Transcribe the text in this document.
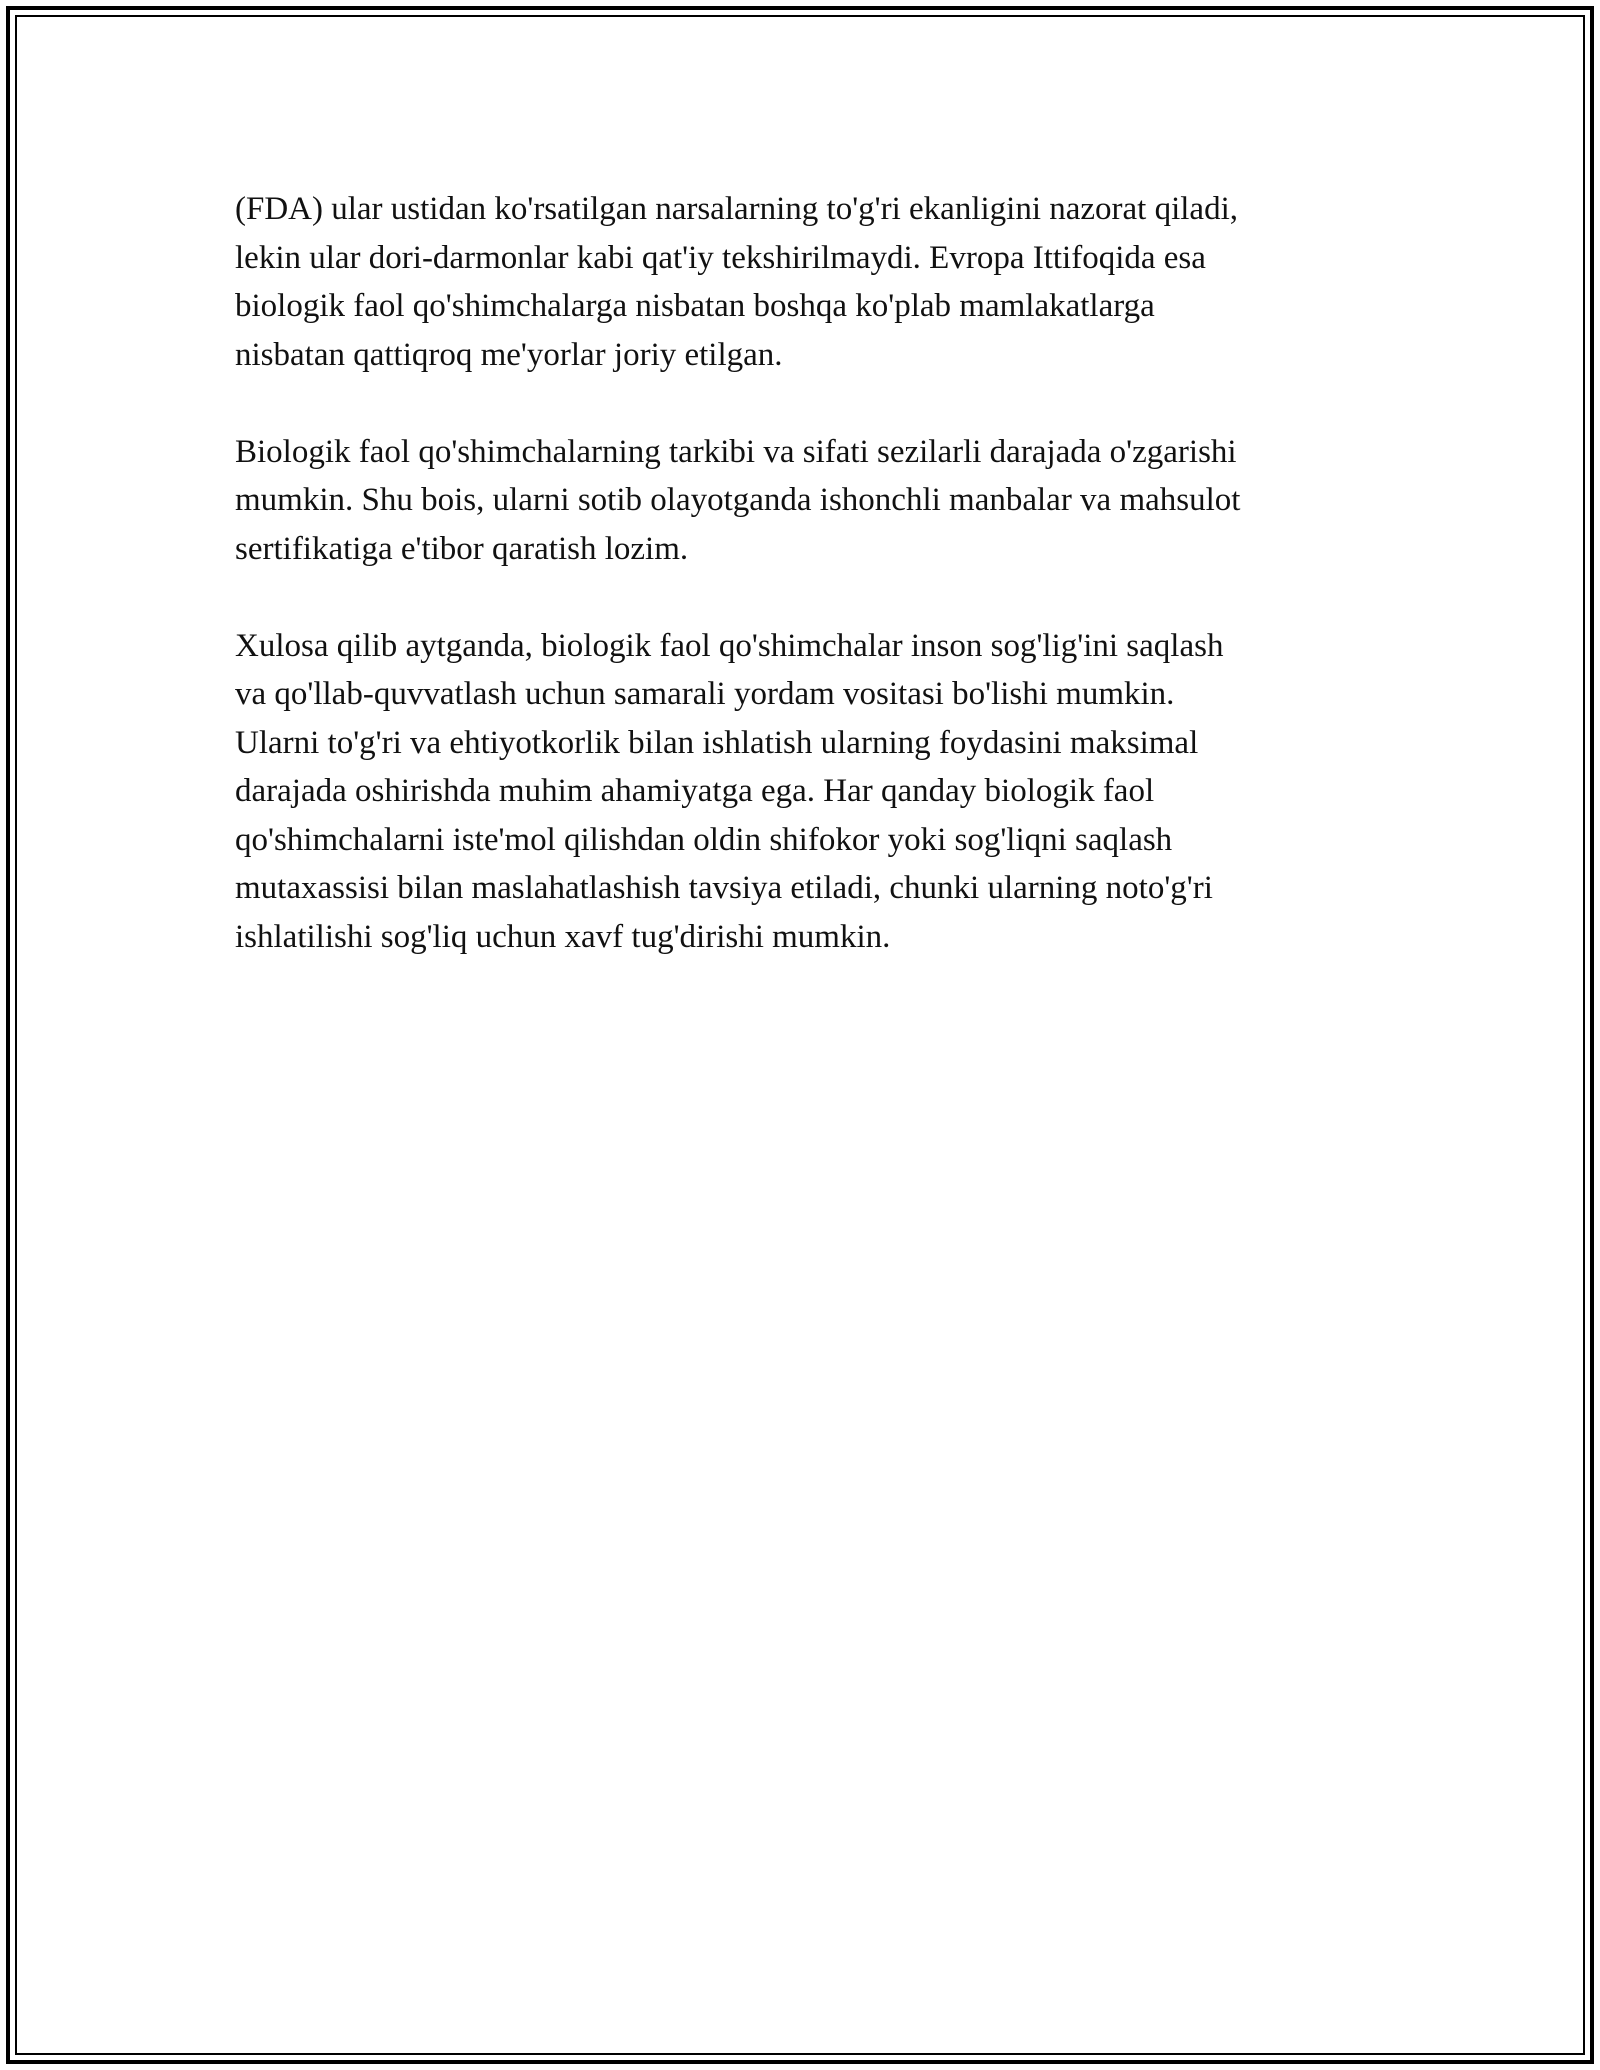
(FDA) ular ustidan ko'rsatilgan narsalarning to'g'ri ekanligini nazorat qiladi,
lekin ular dori-darmonlar kabi qat'iy tekshirilmaydi. Evropa Ittifoqida esa
biologik faol qo'shimchalarga nisbatan boshqa ko'plab mamlakatlarga
nisbatan qattiqroq me'yorlar joriy etilgan.

Biologik faol qo'shimchalarning tarkibi va sifati sezilarli darajada o'zgarishi
mumkin. Shu bois, ularni sotib olayotganda ishonchli manbalar va mahsulot
sertifikatiga e'tibor qaratish lozim.

Xulosa qilib aytganda, biologik faol qo'shimchalar inson sog'lig'ini saqlash
va qo'llab-quvvatlash uchun samarali yordam vositasi bo'lishi mumkin.
Ularni to'g'ri va ehtiyotkorlik bilan ishlatish ularning foydasini maksimal
darajada oshirishda muhim ahamiyatga ega. Har qanday biologik faol
qo'shimchalarni iste'mol qilishdan oldin shifokor yoki sog'liqni saqlash
mutaxassisi bilan maslahatlashish tavsiya etiladi, chunki ularning noto'g'ri
ishlatilishi sog'liq uchun xavf tug'dirishi mumkin.
